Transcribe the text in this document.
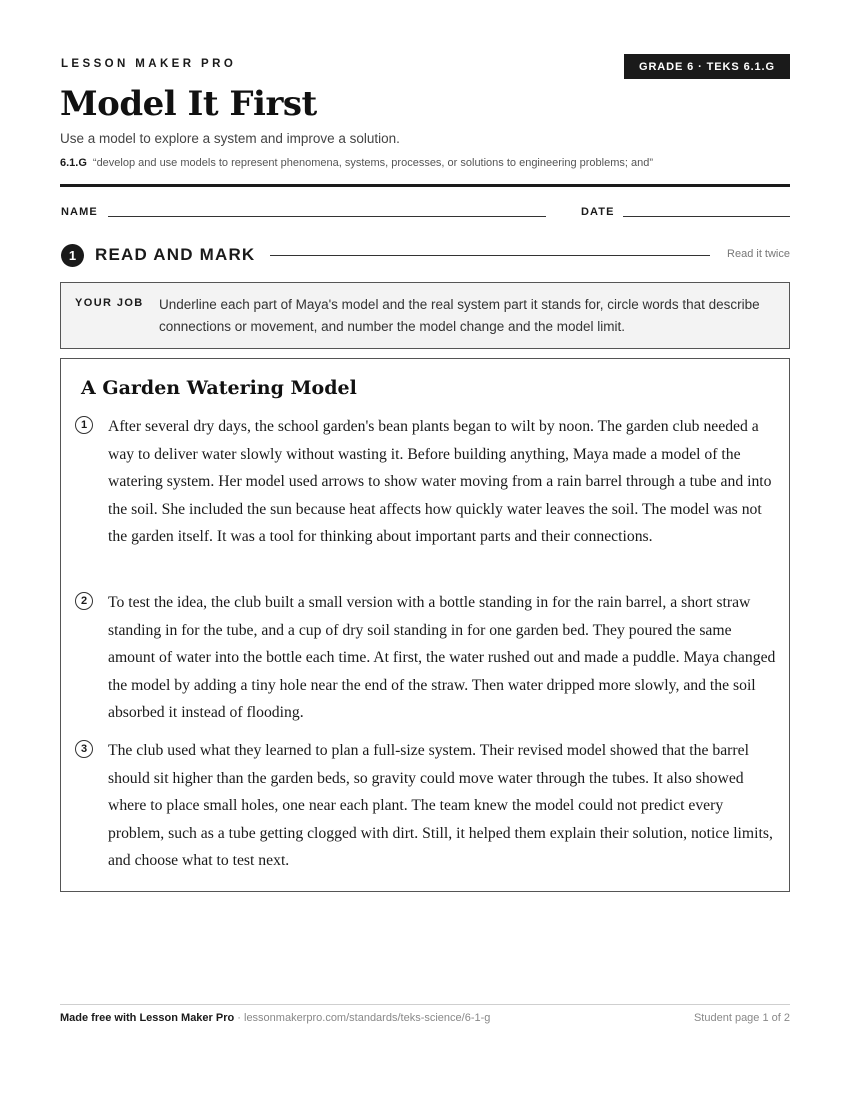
LESSON MAKER PRO	GRADE 6 · TEKS 6.1.G
Model It First
Use a model to explore a system and improve a solution.
6.1.G “develop and use models to represent phenomena, systems, processes, or solutions to engineering problems; and”
NAME	DATE
1	READ AND MARK	Read it twice
YOUR JOB Underline each part of Maya's model and the real system part it stands for, circle words that describe connections or movement, and number the model change and the model limit.
A Garden Watering Model
1	After several dry days, the school garden's bean plants began to wilt by noon. The garden club needed a way to deliver water slowly without wasting it. Before building anything, Maya made a model of the watering system. Her model used arrows to show water moving from a rain barrel through a tube and into the soil. She included the sun because heat affects how quickly water leaves the soil. The model was not the garden itself. It was a tool for thinking about important parts and their connections.

2	To test the idea, the club built a small version with a bottle standing in for the rain barrel, a short straw standing in for the tube, and a cup of dry soil standing in for one garden bed. They poured the same amount of water into the bottle each time. At first, the water rushed out and made a puddle. Maya changed the model by adding a tiny hole near the end of the straw. Then water dripped more slowly, and the soil absorbed it instead of flooding.

3	The club used what they learned to plan a full-size system. Their revised model showed that the barrel should sit higher than the garden beds, so gravity could move water through the tubes. It also showed where to place small holes, one near each plant. The team knew the model could not predict every problem, such as a tube getting clogged with dirt. Still, it helped them explain their solution, notice limits, and choose what to test next.

Made free with Lesson Maker Pro · lessonmakerpro.com/standards/teks-science/6-1-g	Student page 1 of 2
